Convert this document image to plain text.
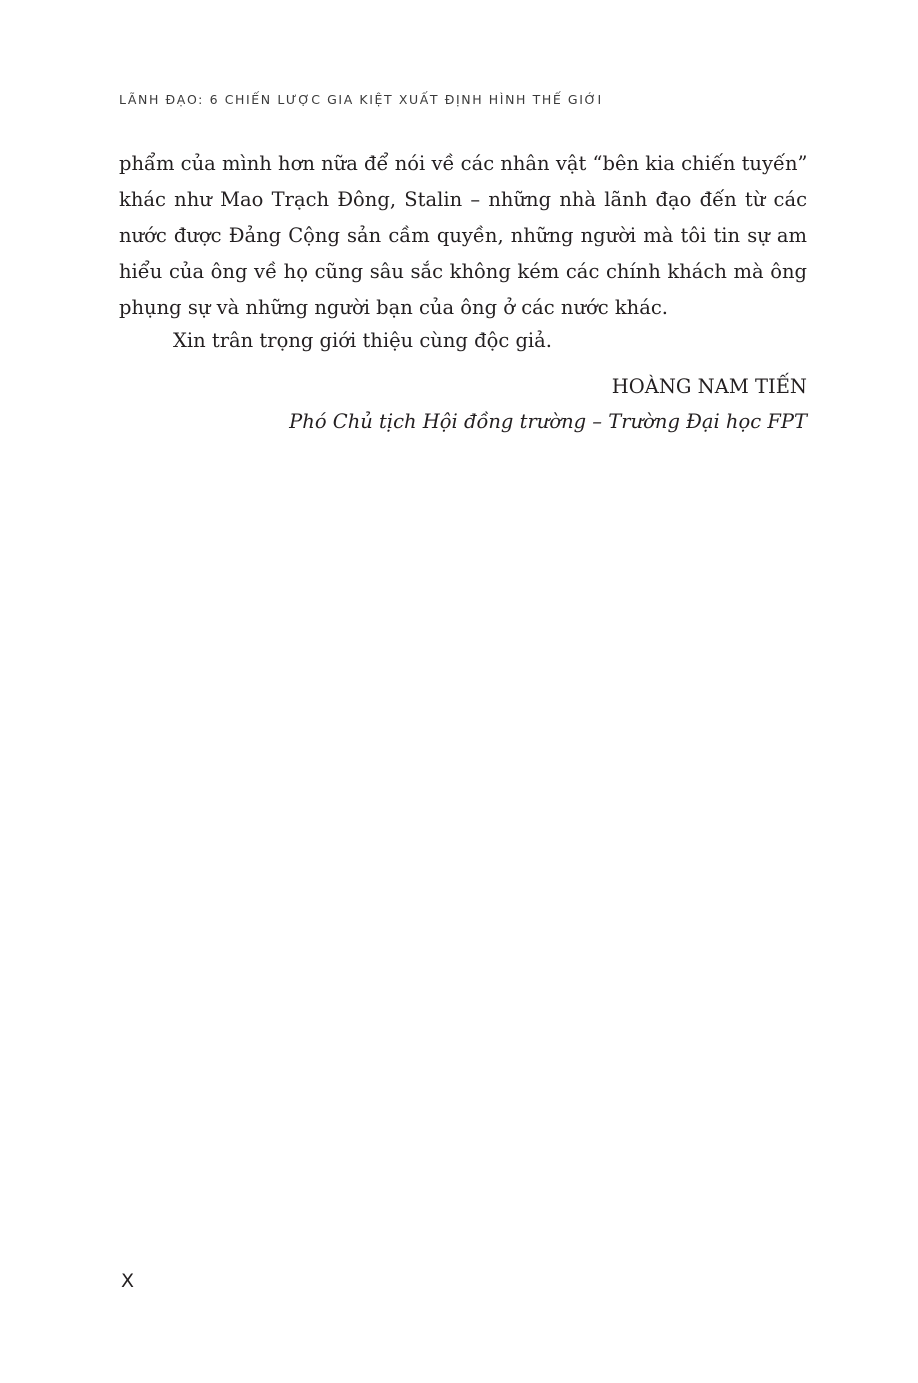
LÃNH ĐẠO: 6 CHIẾN LƯỢC GIA KIỆT XUẤT ĐỊNH HÌNH THẾ GIỚI
phẩm của mình hơn nữa để nói về các nhân vật “bên kia chiến tuyến”
khác như Mao Trạch Đông, Stalin – những nhà lãnh đạo đến từ các
nước được Đảng Cộng sản cầm quyền, những người mà tôi tin sự am
hiểu của ông về họ cũng sâu sắc không kém các chính khách mà ông
phụng sự và những người bạn của ông ở các nước khác.
Xin trân trọng giới thiệu cùng độc giả.
HOÀNG NAM TIẾN
Phó Chủ tịch Hội đồng trường – Trường Đại học FPT
X
